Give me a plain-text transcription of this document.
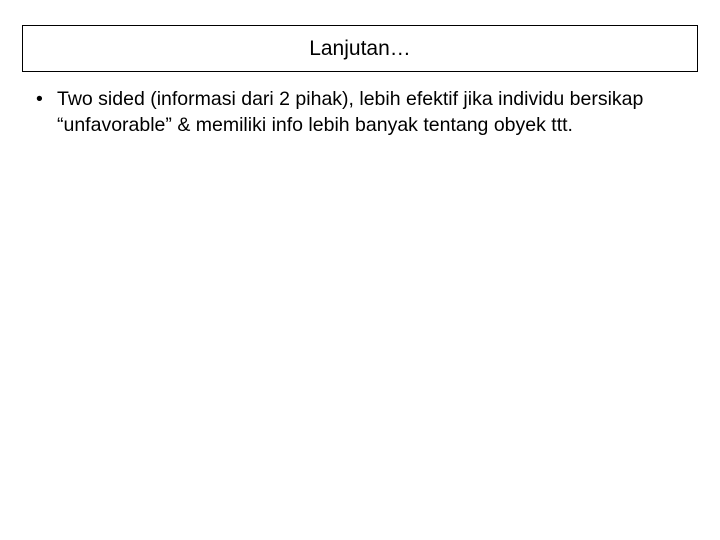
Lanjutan…
• Two sided (informasi dari 2 pihak), lebih efektif jika individu bersikap “unfavorable” & memiliki info lebih banyak tentang obyek ttt.
